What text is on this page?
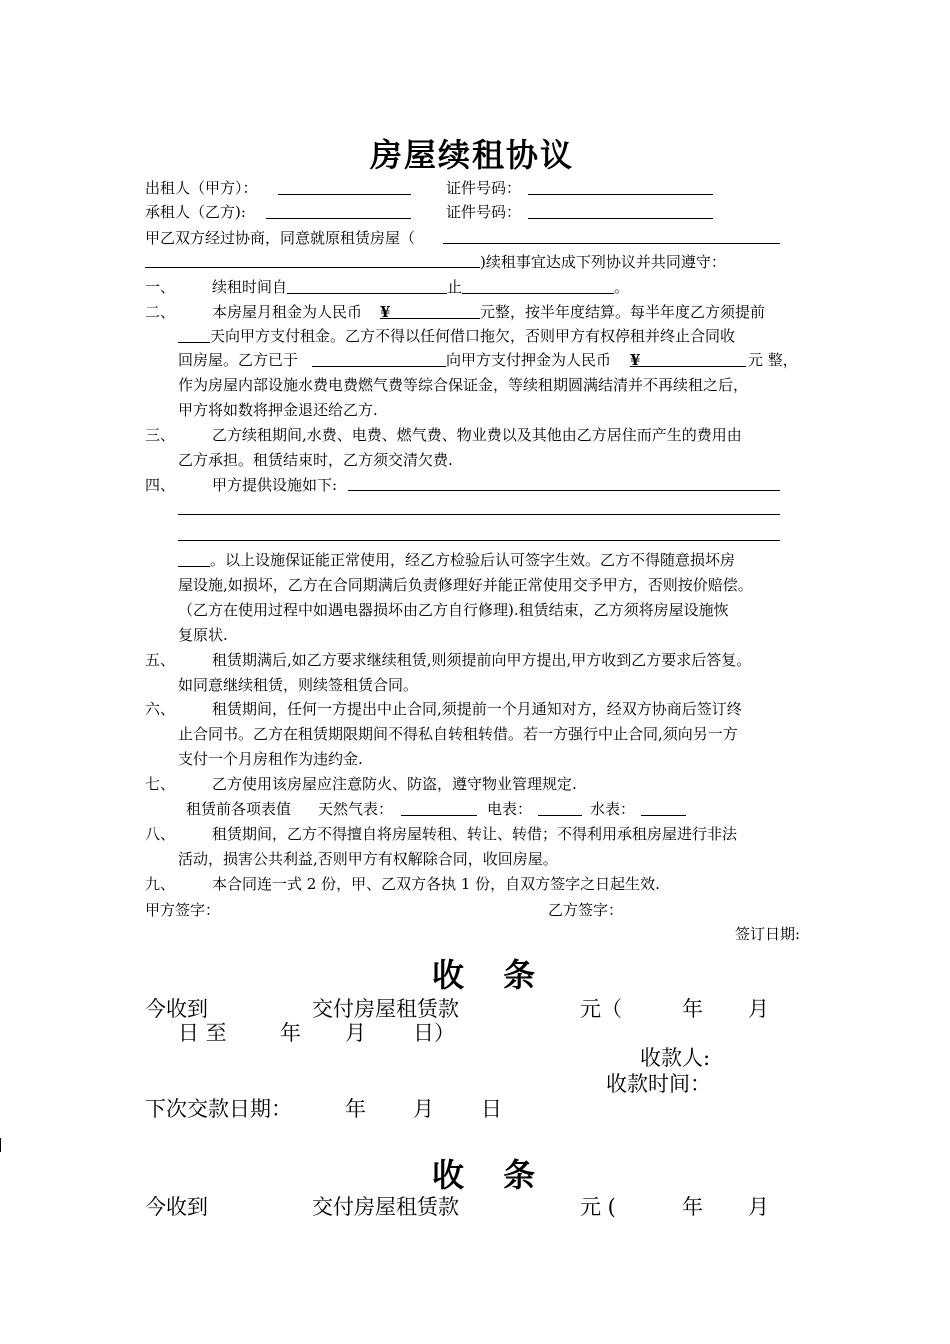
房屋续租协议
出租人（甲方）：	证件号码：
承租人（乙方):	证件号码：
甲乙双方经过协商，同意就原租赁房屋（
)续租事宜达成下列协议并共同遵守：
一、 续租时间自	止	。
二、 本房屋月租金为人民币 ¥	元整，按半年度结算。每半年度乙方须提前
天向甲方支付租金。乙方不得以任何借口拖欠，否则甲方有权停租并终止合同收
回房屋。乙方已于	向甲方支付押金为人民币 ¥	元 整，
作为房屋内部设施水费电费燃气费等综合保证金，等续租期圆满结清并不再续租之后，
甲方将如数将押金退还给乙方.
三、 乙方续租期间,水费、电费、燃气费、物业费以及其他由乙方居住而产生的费用由
乙方承担。租赁结束时，乙方须交清欠费.
四、 甲方提供设施如下:
。以上设施保证能正常使用，经乙方检验后认可签字生效。乙方不得随意损坏房
屋设施,如损坏，乙方在合同期满后负责修理好并能正常使用交予甲方，否则按价赔偿。
（乙方在使用过程中如遇电器损坏由乙方自行修理).租赁结束，乙方须将房屋设施恢
复原状.
五、 租赁期满后,如乙方要求继续租赁,则须提前向甲方提出,甲方收到乙方要求后答复。
如同意继续租赁，则续签租赁合同。
六、 租赁期间，任何一方提出中止合同,须提前一个月通知对方，经双方协商后签订终
止合同书。乙方在租赁期限期间不得私自转租转借。若一方强行中止合同,须向另一方
支付一个月房租作为违约金.
七、 乙方使用该房屋应注意防火、防盗，遵守物业管理规定.
租赁前各项表值 天然气表：	电表：	水表：
八、 租赁期间，乙方不得擅自将房屋转租、转让、转借；不得利用承租房屋进行非法
活动，损害公共利益,否则甲方有权解除合同，收回房屋。
九、 本合同连一式 2 份，甲、乙双方各执 1 份，自双方签字之日起生效.
甲方签字：	乙方签字：
签订日期:
收 条
今收到	交付房屋租赁款	元（	年 月
日 至	年 月 日）
收款人:
收款时间：
下次交款日期：	年 月 日
收 条
今收到	交付房屋租赁款	元 (	年 月
